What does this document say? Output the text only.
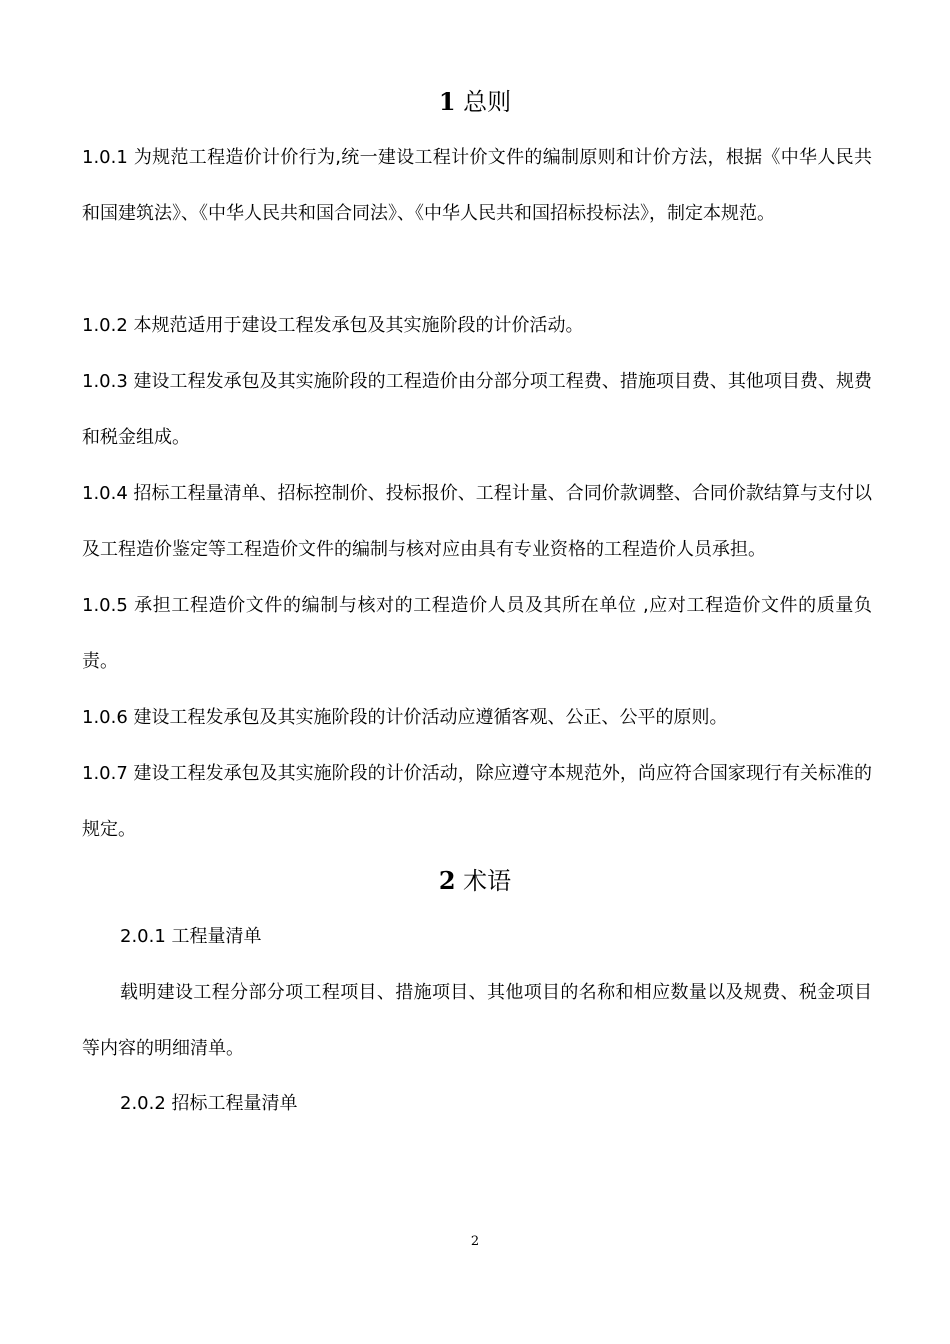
1 总则

1.0.1 为规范工程造价计价行为,统一建设工程计价文件的编制原则和计价方法，根据《中华人民共和国建筑法》、《中华人民共和国合同法》、《中华人民共和国招标投标法》，制定本规范。

1.0.2 本规范适用于建设工程发承包及其实施阶段的计价活动。

1.0.3 建设工程发承包及其实施阶段的工程造价由分部分项工程费、措施项目费、其他项目费、规费和税金组成。

1.0.4 招标工程量清单、招标控制价、投标报价、工程计量、合同价款调整、合同价款结算与支付以及工程造价鉴定等工程造价文件的编制与核对应由具有专业资格的工程造价人员承担。

1.0.5 承担工程造价文件的编制与核对的工程造价人员及其所在单位 ,应对工程造价文件的质量负责。

1.0.6 建设工程发承包及其实施阶段的计价活动应遵循客观、公正、公平的原则。

1.0.7 建设工程发承包及其实施阶段的计价活动，除应遵守本规范外，尚应符合国家现行有关标准的规定。

2 术语
2.0.1 工程量清单

载明建设工程分部分项工程项目、措施项目、其他项目的名称和相应数量以及规费、税金项目等内容的明细清单。

2.0.2 招标工程量清单
2
